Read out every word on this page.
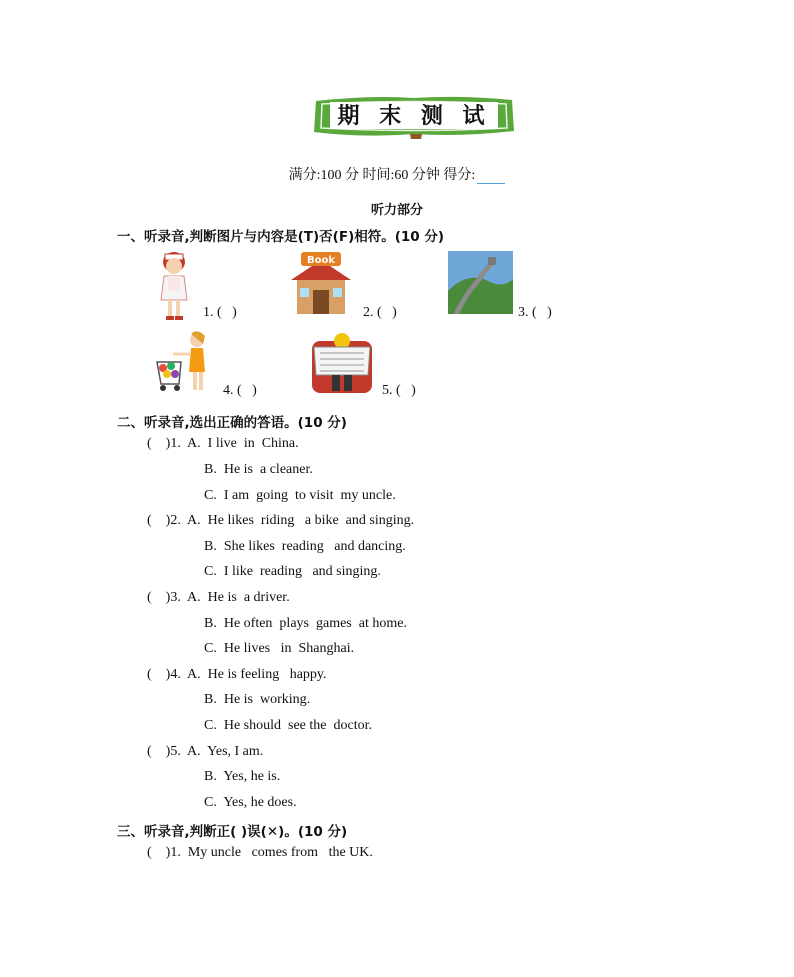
期 末 测 试
满分:100 分 时间:60 分钟 得分:
听力部分
一、听录音,判断图片与内容是(T)否(F)相符。(10 分)
1. (   )
Book
2. (   )	3. (   )
4. (   )	5. (   )
二、听录音,选出正确的答语。(10 分)
(    )1.  A.  I live  in  China.
B.  He is  a cleaner.
C.  I am  going  to visit  my uncle.
(    )2.  A.  He likes  riding   a bike  and singing.
B.  She likes  reading   and dancing.
C.  I like  reading   and singing.
(    )3.  A.  He is  a driver.
B.  He often  plays  games  at home.
C.  He lives   in  Shanghai.
(    )4.  A.  He is feeling   happy.
B.  He is  working.
C.  He should  see the  doctor.
(    )5.  A.  Yes, I am.
B.  Yes, he is.
C.  Yes, he does.
三、听录音,判断正( )误(✕)。(10 分)
(    )1.  My uncle   comes from   the UK.
